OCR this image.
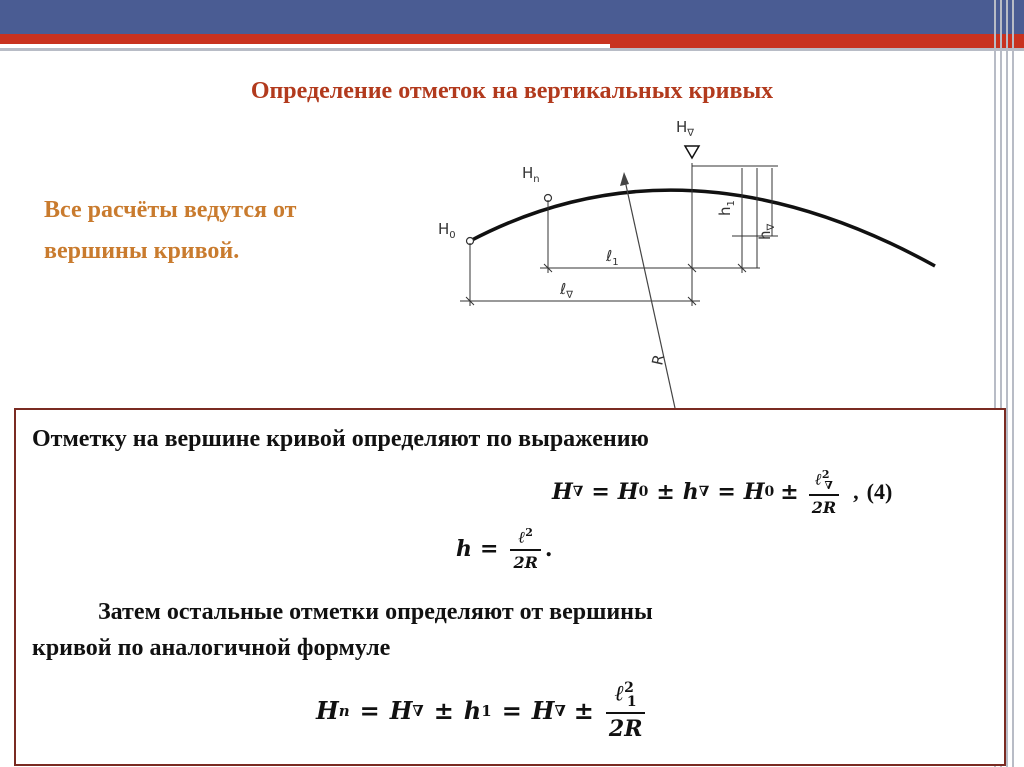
Определение отметок на вертикальных кривых
Все расчёты ведутся от вершины кривой.
$H_0$
$H_n$
$H_\nabla$
ℓ$_1$
ℓ$_\nabla$
$h_1$
$h_\nabla$
R
Отметку на вершине кривой определяют по выражению
H ∇ = H 0 ± h ∇ = H $0 \pm \frac{\ell^2_\nabla}{2R}$ , (4)
$h = \frac{\ell^2}{2R}$ .
Затем остальные отметки определяют от вершины
кривой по аналогичной формуле
H n = H ∇ ± h 1 = H ∇ ± $\frac{\ell^2_1}{2R}$
